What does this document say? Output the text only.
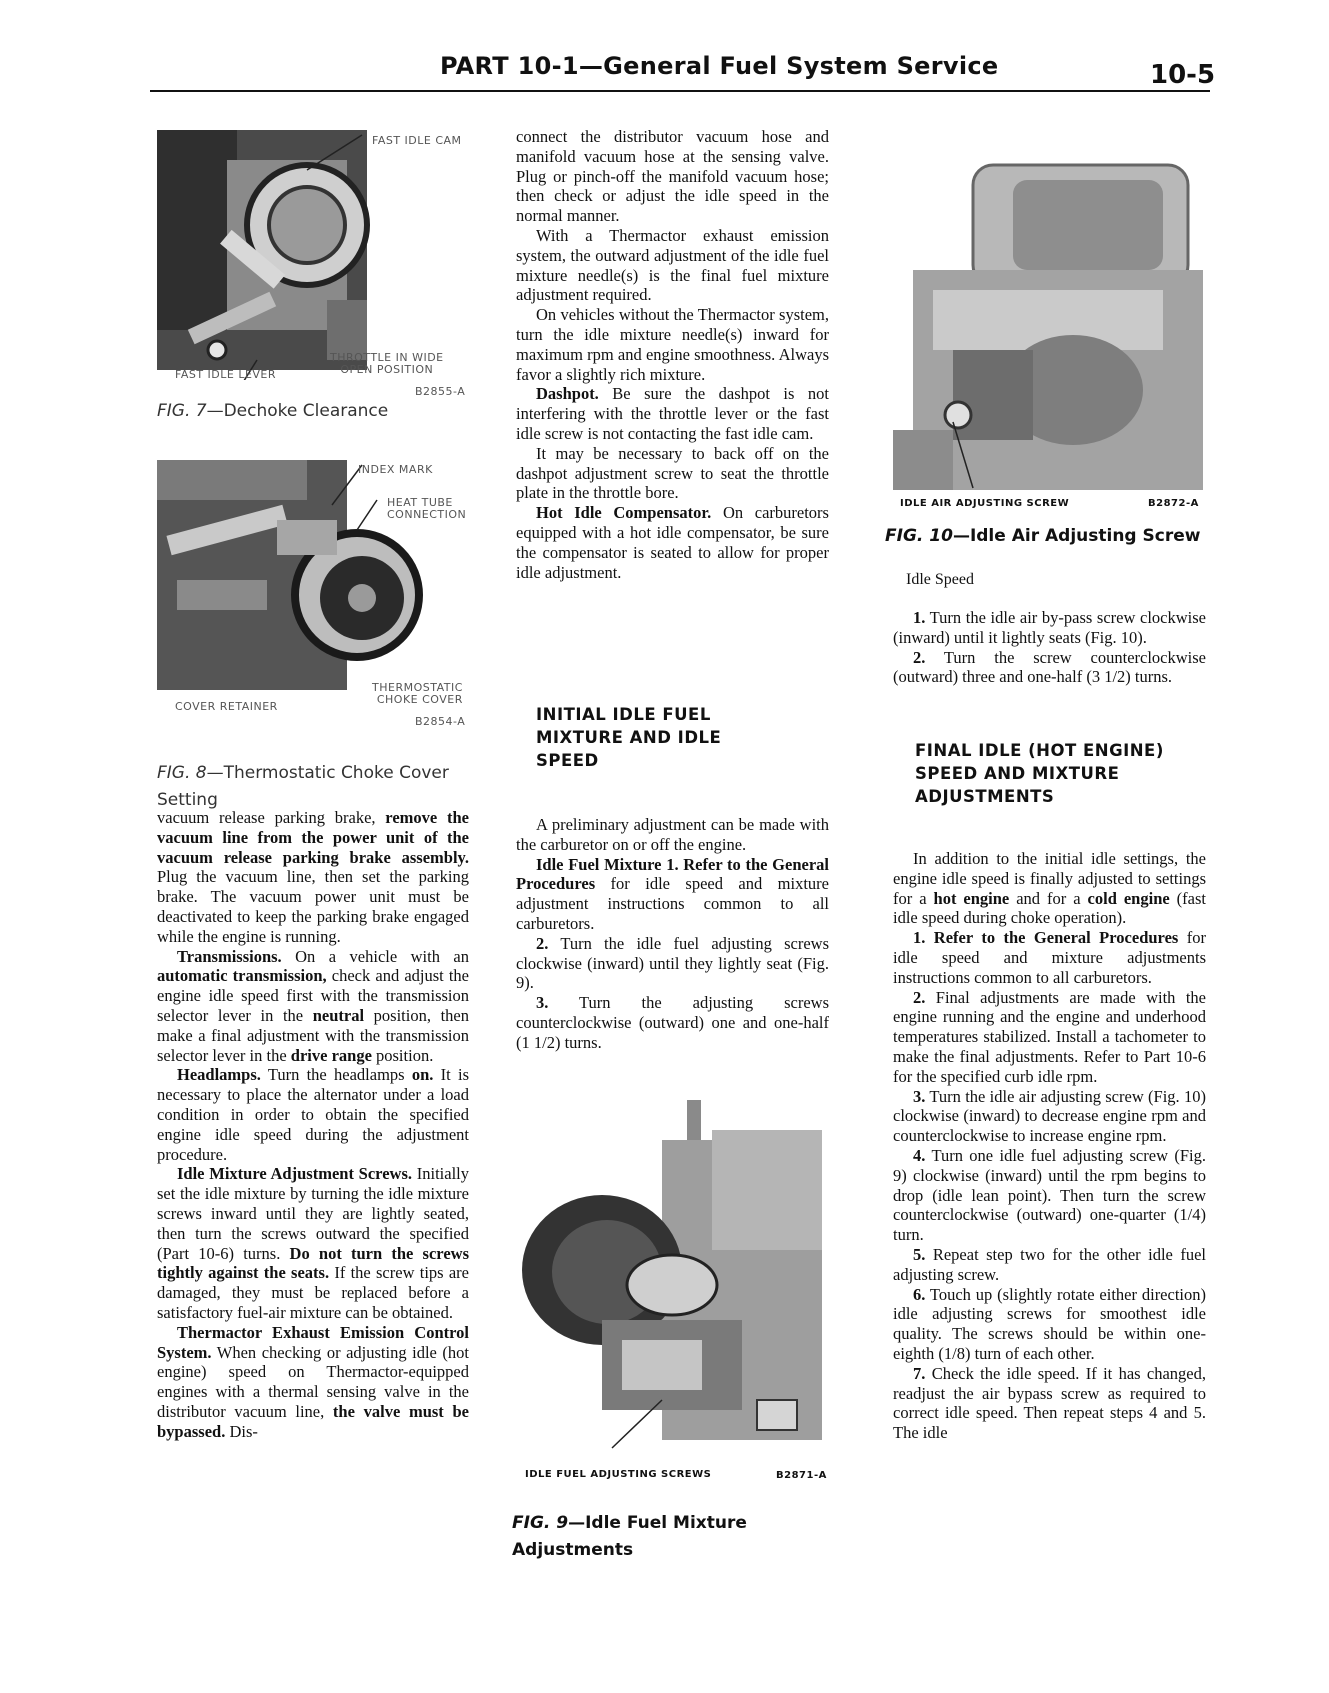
PART 10-1—General Fuel System Service	10-5
FAST IDLE CAM
FAST IDLE LEVER
THROTTLE IN WIDE
OPEN POSITION
B2855-A
FIG. 7—Dechoke Clearance
INDEX MARK
HEAT TUBE
CONNECTION
THERMOSTATIC
CHOKE COVER
COVER RETAINER
B2854-A

FIG. 8—Thermostatic Choke Cover
Setting

vacuum release parking brake, remove the vacuum line from the power unit of the vacuum release parking brake assembly. Plug the vacuum line, then set the parking brake. The vacuum power unit must be deactivated to keep the parking brake engaged while the engine is running.

Transmissions. On a vehicle with an automatic transmission, check and adjust the engine idle speed first with the transmission selector lever in the neutral position, then make a final adjustment with the transmission selector lever in the drive range position.

Headlamps. Turn the headlamps on. It is necessary to place the alternator under a load condition in order to obtain the specified engine idle speed during the adjustment procedure.

Idle Mixture Adjustment Screws. Initially set the idle mixture by turning the idle mixture screws inward until they are lightly seated, then turn the screws outward the specified (Part 10-6) turns. Do not turn the screws tightly against the seats. If the screw tips are damaged, they must be replaced before a satisfactory fuel-air mixture can be obtained.

Thermactor Exhaust Emission Control System. When checking or adjusting idle (hot engine) speed on Thermactor-equipped engines with a thermal sensing valve in the distributor vacuum line, the valve must be bypassed. Dis-

connect the distributor vacuum hose and manifold vacuum hose at the sensing valve. Plug or pinch-off the manifold vacuum hose; then check or adjust the idle speed in the normal manner.

With a Thermactor exhaust emission system, the outward adjustment of the idle fuel mixture needle(s) is the final fuel mixture adjustment required.

On vehicles without the Thermactor system, turn the idle mixture needle(s) inward for maximum rpm and engine smoothness. Always favor a slightly rich mixture.

Dashpot. Be sure the dashpot is not interfering with the throttle lever or the fast idle screw is not contacting the fast idle cam.

It may be necessary to back off on the dashpot adjustment screw to seat the throttle plate in the throttle bore.

Hot Idle Compensator. On carburetors equipped with a hot idle compensator, be sure the compensator is seated to allow for proper idle adjustment.

INITIAL IDLE FUEL
MIXTURE AND IDLE
SPEED

A preliminary adjustment can be made with the carburetor on or off the engine.

Idle Fuel Mixture 1. Refer to the General Procedures for idle speed and mixture adjustment instructions common to all carburetors.

2. Turn the idle fuel adjusting screws clockwise (inward) until they lightly seat (Fig. 9).

3. Turn the adjusting screws counterclockwise (outward) one and one-half (1 1/2) turns.

IDLE FUEL ADJUSTING SCREWS	B2871-A

FIG. 9—Idle Fuel Mixture
Adjustments

IDLE AIR ADJUSTING SCREW	B2872-A
FIG. 10—Idle Air Adjusting Screw
Idle Speed

1. Turn the idle air by-pass screw clockwise (inward) until it lightly seats (Fig. 10).

2. Turn the screw counterclockwise (outward) three and one-half (3 1/2) turns.

FINAL IDLE (HOT ENGINE)
SPEED AND MIXTURE
ADJUSTMENTS

In addition to the initial idle settings, the engine idle speed is finally adjusted to settings for a hot engine and for a cold engine (fast idle speed during choke operation).

1. Refer to the General Procedures for idle speed and mixture adjustments instructions common to all carburetors.

2. Final adjustments are made with the engine running and the engine and underhood temperatures stabilized. Install a tachometer to make the final adjustments. Refer to Part 10-6 for the specified curb idle rpm.

3. Turn the idle air adjusting screw (Fig. 10) clockwise (inward) to decrease engine rpm and counterclockwise to increase engine rpm.

4. Turn one idle fuel adjusting screw (Fig. 9) clockwise (inward) until the rpm begins to drop (idle lean point). Then turn the screw counterclockwise (outward) one-quarter (1/4) turn.

5. Repeat step two for the other idle fuel adjusting screw.

6. Touch up (slightly rotate either direction) idle adjusting screws for smoothest idle quality. The screws should be within one-eighth (1/8) turn of each other.

7. Check the idle speed. If it has changed, readjust the air bypass screw as required to correct idle speed. Then repeat steps 4 and 5. The idle
